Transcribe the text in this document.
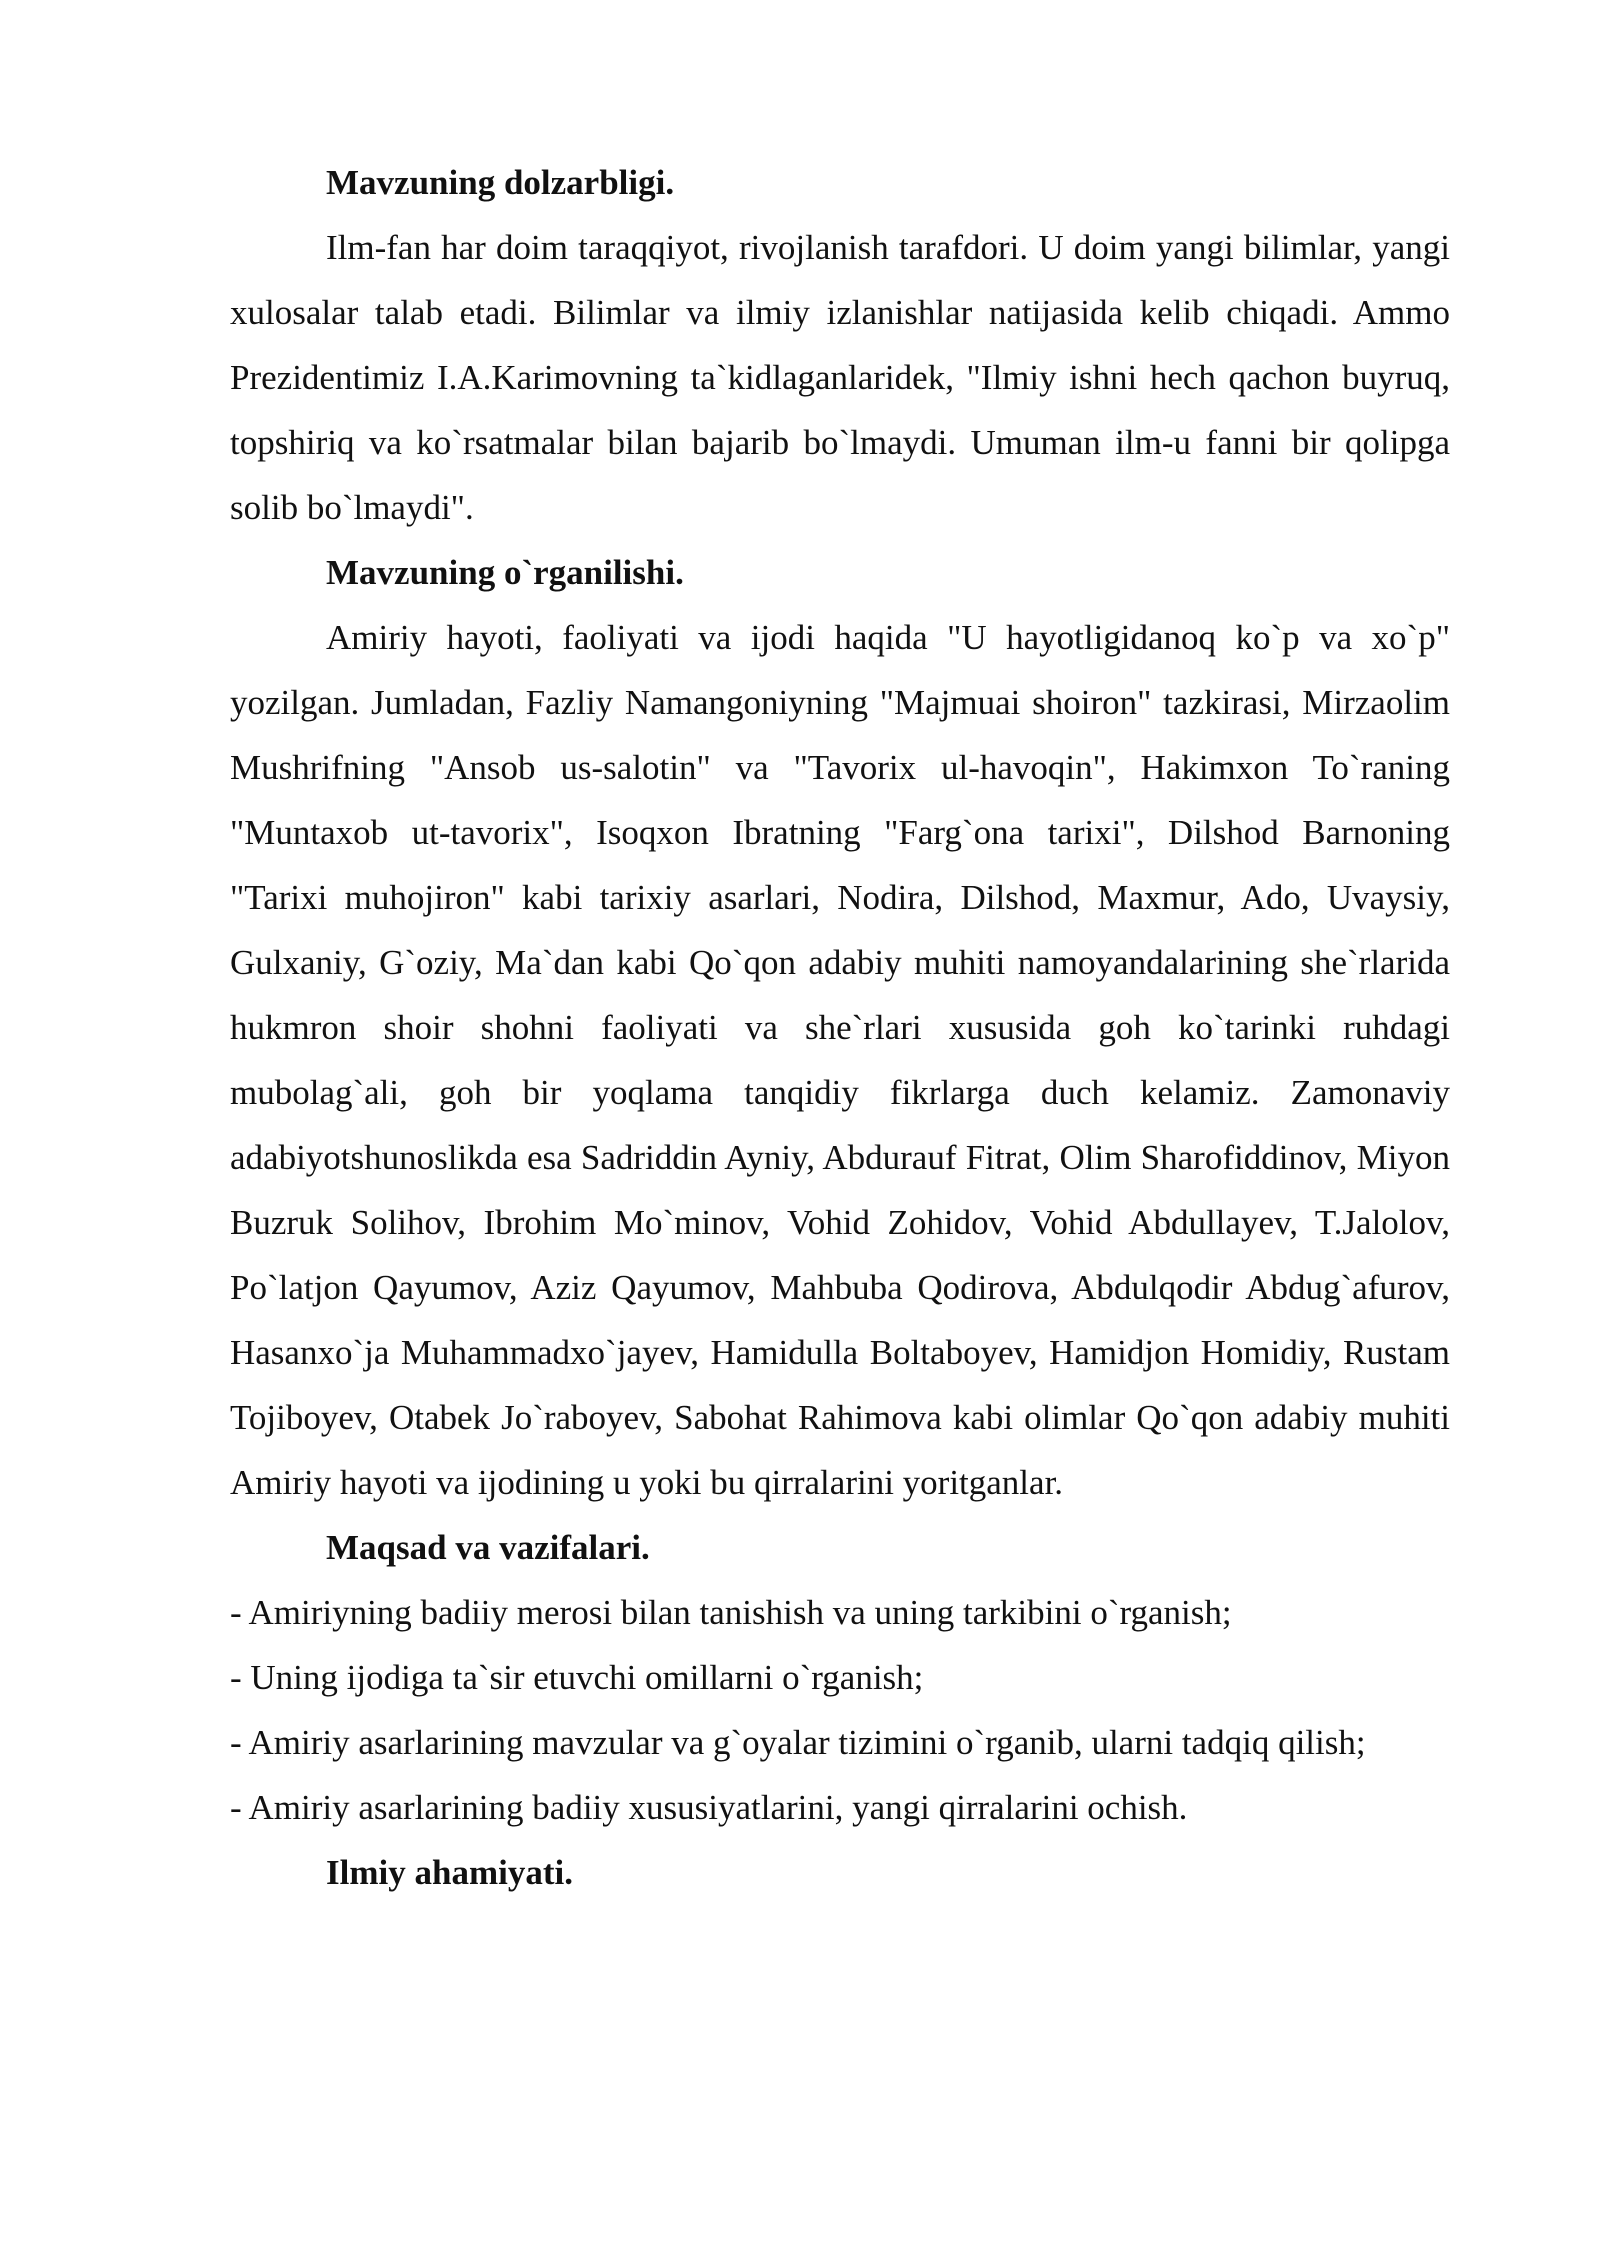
Mavzuning dolzarbligi.

Ilm-fan har doim taraqqiyot, rivojlanish tarafdori. U doim yangi bilimlar, yangi xulosalar talab etadi. Bilimlar va ilmiy izlanishlar natijasida kelib chiqadi. Ammo Prezidentimiz I.A.Karimovning ta`kidlaganlaridek, "Ilmiy ishni hech qachon buyruq, topshiriq va ko`rsatmalar bilan bajarib bo`lmaydi. Umuman ilm-u fanni bir qolipga solib bo`lmaydi".

Mavzuning o`rganilishi.

Amiriy hayoti, faoliyati va ijodi haqida "U hayotligidanoq ko`p va xo`p" yozilgan. Jumladan, Fazliy Namangoniyning "Majmuai shoiron" tazkirasi, Mirzaolim Mushrifning "Ansob us-salotin" va "Tavorix ul-havoqin", Hakimxon To`raning "Muntaxob ut-tavorix", Isoqxon Ibratning "Farg`ona tarixi", Dilshod Barnoning "Tarixi muhojiron" kabi tarixiy asarlari, Nodira, Dilshod, Maxmur, Ado, Uvaysiy, Gulxaniy, G`oziy, Ma`dan kabi Qo`qon adabiy muhiti namoyandalarining she`rlarida hukmron shoir shohni faoliyati va she`rlari xususida goh ko`tarinki ruhdagi mubolag`ali, goh bir yoqlama tanqidiy fikrlarga duch kelamiz. Zamonaviy adabiyotshunoslikda esa Sadriddin Ayniy, Abdurauf Fitrat, Olim Sharofiddinov, Miyon Buzruk Solihov, Ibrohim Mo`minov, Vohid Zohidov, Vohid Abdullayev, T.Jalolov, Po`latjon Qayumov, Aziz Qayumov, Mahbuba Qodirova, Abdulqodir Abdug`afurov, Hasanxo`ja Muhammadxo`jayev, Hamidulla Boltaboyev, Hamidjon Homidiy, Rustam Tojiboyev, Otabek Jo`raboyev, Sabohat Rahimova kabi olimlar Qo`qon adabiy muhiti Amiriy hayoti va ijodining u yoki bu qirralarini yoritganlar.

Maqsad va vazifalari.

- Amiriyning badiiy merosi bilan tanishish va uning tarkibini o`rganish;

- Uning ijodiga ta`sir etuvchi omillarni o`rganish;

- Amiriy asarlarining mavzular va g`oyalar tizimini o`rganib, ularni tadqiq qilish;

- Amiriy asarlarining badiiy xususiyatlarini, yangi qirralarini ochish.

Ilmiy ahamiyati.
